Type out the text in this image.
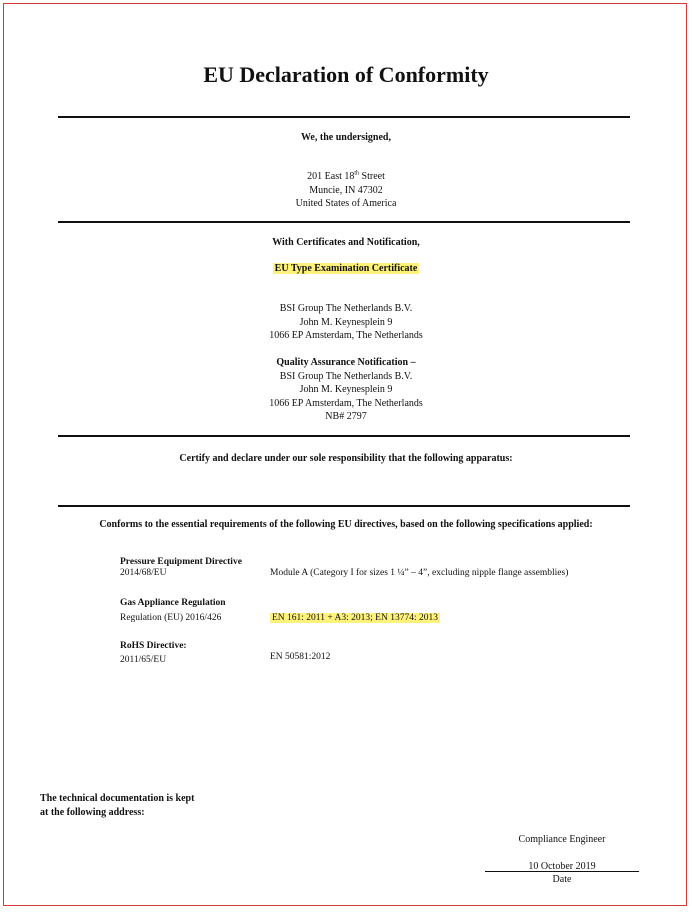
EU Declaration of Conformity
We, the undersigned,
201 East 18th Street
Muncie, IN 47302
United States of America
With Certificates and Notification,
EU Type Examination Certificate
BSI Group The Netherlands B.V.
John M. Keynesplein 9
1066 EP Amsterdam, The Netherlands
Quality Assurance Notification –
BSI Group The Netherlands B.V.
John M. Keynesplein 9
1066 EP Amsterdam, The Netherlands
NB# 2797
Certify and declare under our sole responsibility that the following apparatus:
Conforms to the essential requirements of the following EU directives, based on the following specifications applied:
Pressure Equipment Directive
2014/68/EU	Module A (Category I for sizes 1 ¼” – 4”, excluding nipple flange assemblies)
Gas Appliance Regulation
Regulation (EU) 2016/426	EN 161: 2011 + A3: 2013; EN 13774: 2013
RoHS Directive:
2011/65/EU	EN 50581:2012
The technical documentation is kept
at the following address:
Compliance Engineer
10 October 2019
Date
